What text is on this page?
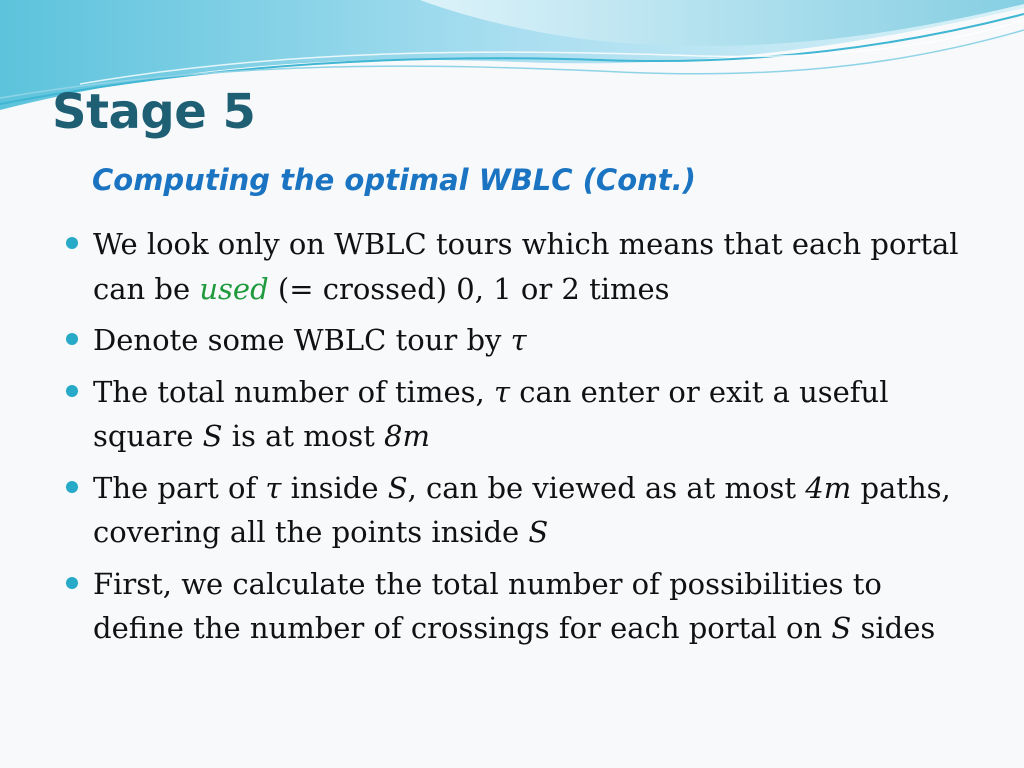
Stage 5
Computing the optimal WBLC (Cont.)
We look only on WBLC tours which means that each portal can be used (= crossed) 0, 1 or 2 times
Denote some WBLC tour by τ
The total number of times, τ can enter or exit a useful square S is at most 8m
The part of τ inside S, can be viewed as at most 4m paths, covering all the points inside S
First, we calculate the total number of possibilities to define the number of crossings for each portal on S sides
